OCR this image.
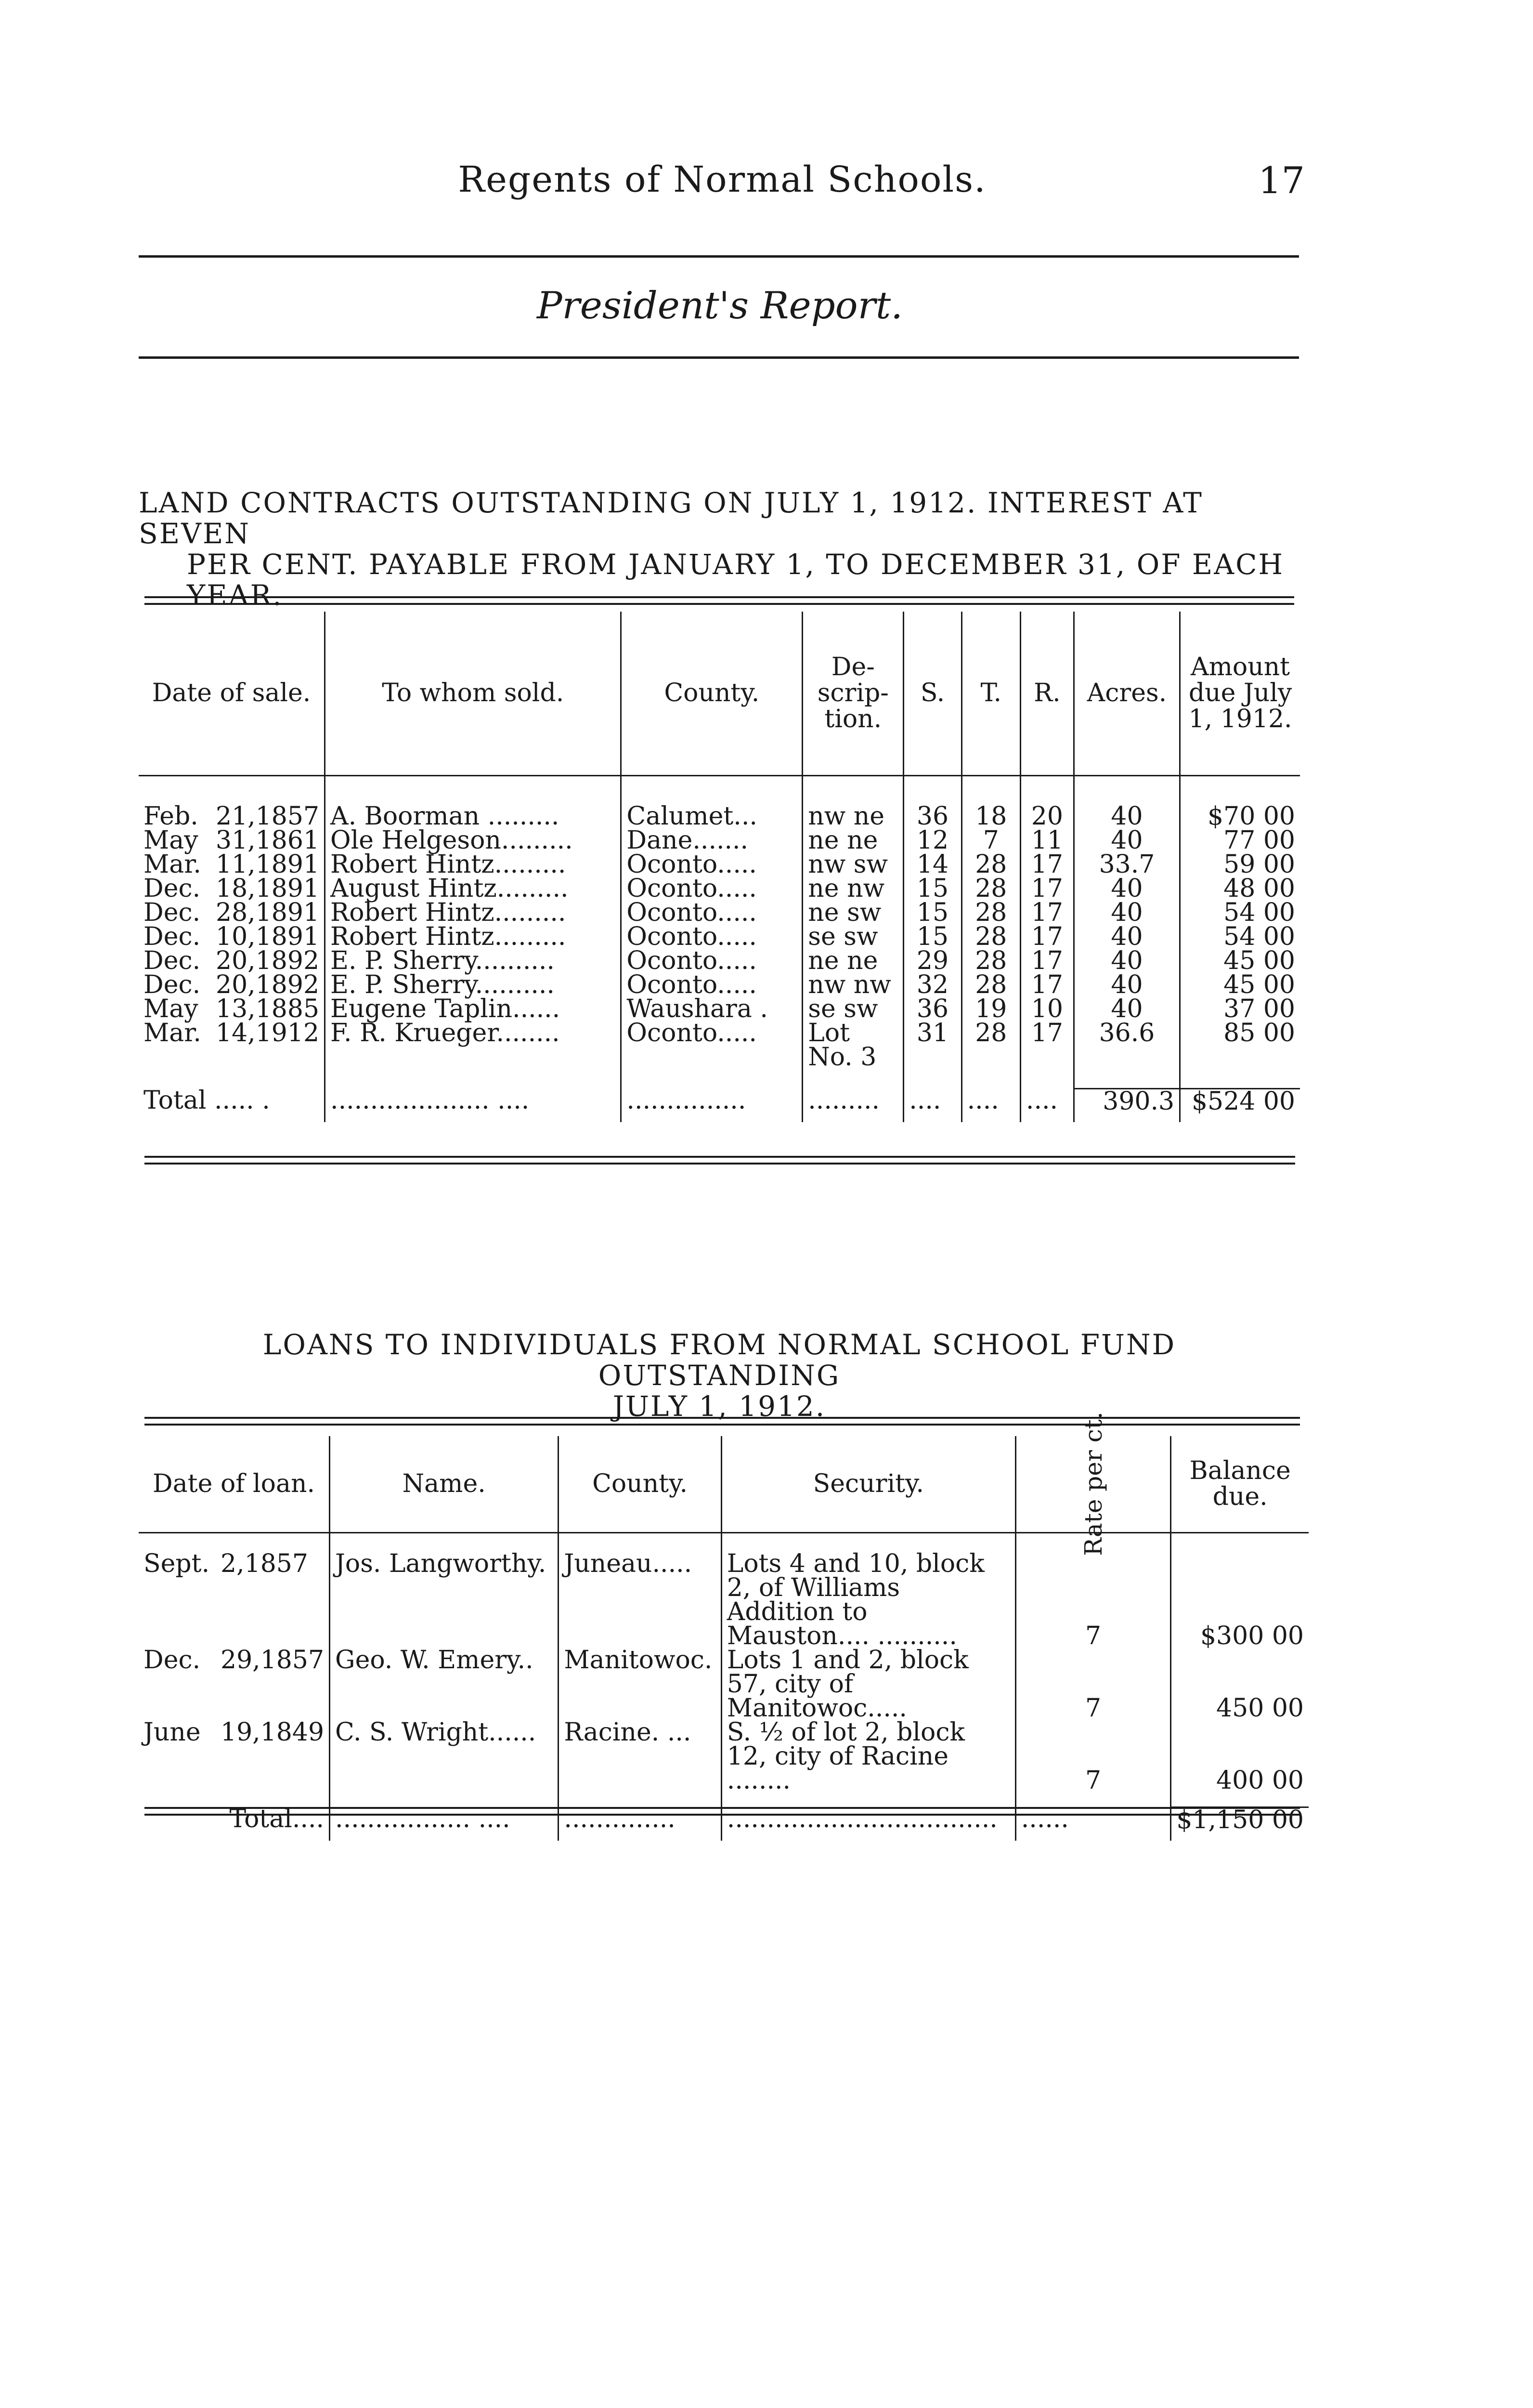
Regents of Normal Schools.	17
President's Report.
LAND CONTRACTS OUTSTANDING ON JULY 1, 1912. INTEREST AT SEVEN
PER CENT. PAYABLE FROM JANUARY 1, TO DECEMBER 31, OF EACH
YEAR.
Date of sale.	To whom sold.	County.	De- scrip- tion.	S.	T.	R.	Acres.	Amount due July 1, 1912.

Feb. 21,1857	A. Boorman .........	Calumet...	nw ne	36	18	20	40	$70 00
May 31,1861	Ole Helgeson.........	Dane.......	ne ne	12	7	11	40	77 00
Mar. 11,1891	Robert Hintz.........	Oconto.....	nw sw	14	28	17	33.7	59 00
Dec. 18,1891	August Hintz.........	Oconto.....	ne nw	15	28	17	40	48 00
Dec. 28,1891	Robert Hintz.........	Oconto.....	ne sw	15	28	17	40	54 00
Dec. 10,1891	Robert Hintz.........	Oconto.....	se sw	15	28	17	40	54 00
Dec. 20,1892	E. P. Sherry..........	Oconto.....	ne ne	29	28	17	40	45 00
Dec. 20,1892	E. P. Sherry..........	Oconto.....	nw nw	32	28	17	40	45 00
May 13,1885	Eugene Taplin......	Waushara .	se sw	36	19	10	40	37 00
Mar. 14,1912	F. R. Krueger........	Oconto.....	Lot No. 3	31	28	17	36.6	85 00

Total ..... .	.................... ....	...............	.........	....	....	....	390.3	$524 00
LOANS TO INDIVIDUALS FROM NORMAL SCHOOL FUND OUTSTANDING
JULY 1, 1912.
Date of loan.	Name.	County.	Security.	Rate per ct.	Balance due.

Sept. 2,1857	Jos. Langworthy.	Juneau.....	Lots 4 and 10, block 2, of Williams Addition to Mauston.... ..........	7	$300 00
Dec. 29,1857	Geo. W. Emery..	Manitowoc.	Lots 1 and 2, block 57, city of Manitowoc.....	7	450 00
June 19,1849	C. S. Wright......	Racine. ...	S. ½ of lot 2, block 12, city of Racine ........	7	400 00

Total....	................. ....	..............	..................................	......	$1,150 00
